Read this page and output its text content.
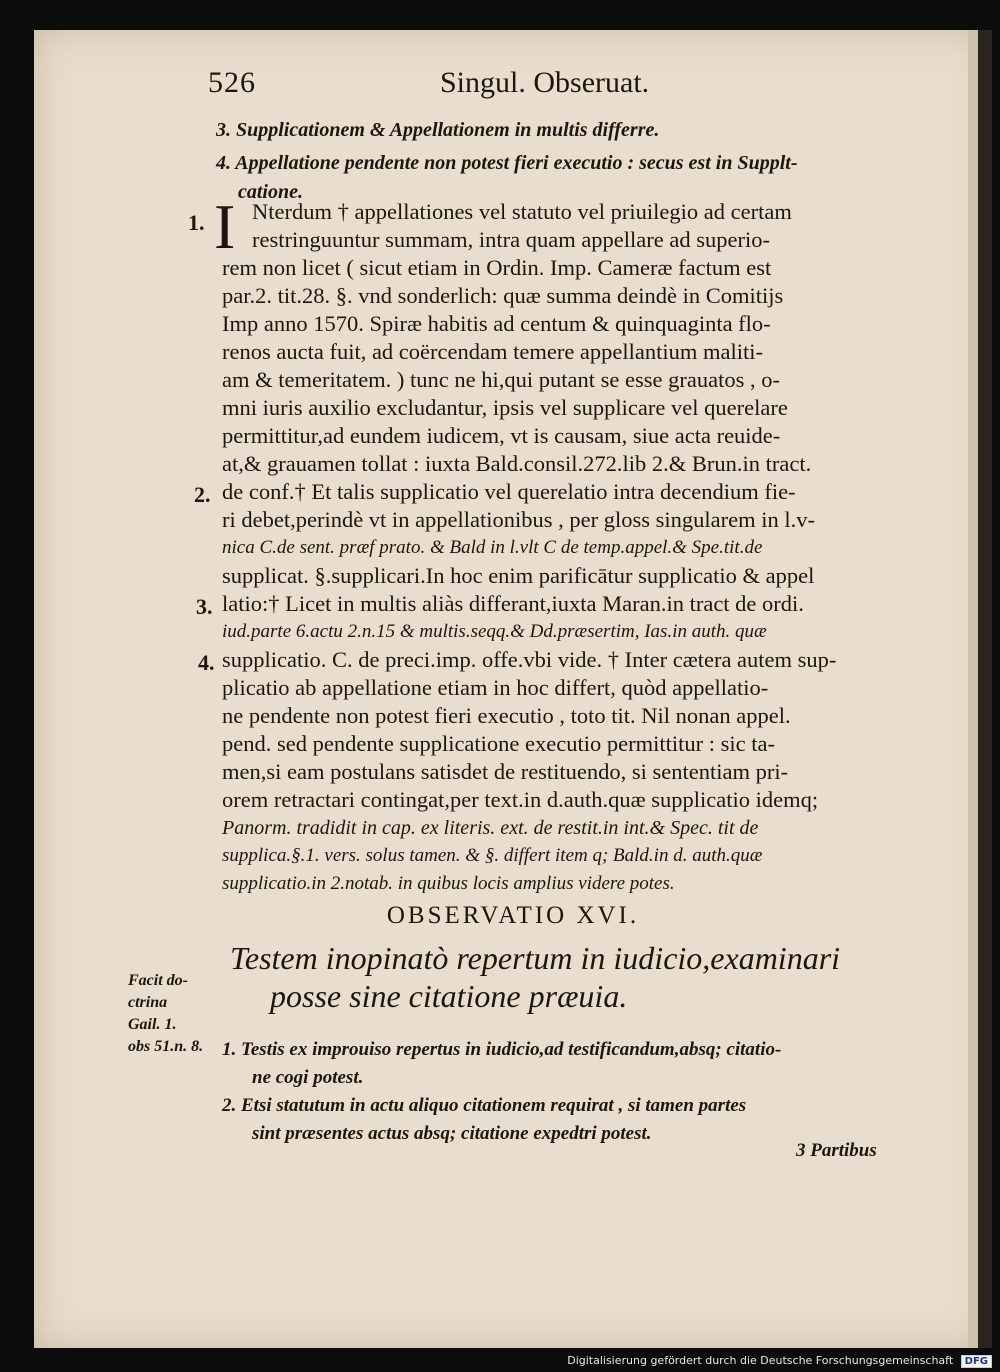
526	Singul. Obseruat.
3. Supplicationem & Appellationem in multis differre.
4. Appellatione pendente non potest fieri executio : secus est in Supplt-
catione.
I
1.
2.
3.
4.
Nterdum † appellationes vel statuto vel priuilegio ad certam
restringuuntur summam, intra quam appellare ad superio-
rem non licet ( sicut etiam in Ordin. Imp. Cameræ factum est
par.2. tit.28. §. vnd sonderlich: quæ summa deindè in Comitijs
Imp anno 1570. Spiræ habitis ad centum & quinquaginta flo-
renos aucta fuit, ad coërcendam temere appellantium maliti-
am & temeritatem. ) tunc ne hi,qui putant se esse grauatos , o-
mni iuris auxilio excludantur, ipsis vel supplicare vel querelare
permittitur,ad eundem iudicem, vt is causam, siue acta reuide-
at,& grauamen tollat : iuxta Bald.consil.272.lib 2.& Brun.in tract.
de conf.† Et talis supplicatio vel querelatio intra decendium fie-
ri debet,perindè vt in appellationibus , per gloss singularem in l.v-
nica C.de sent. præf prato. & Bald in l.vlt C de temp.appel.& Spe.tit.de
supplicat. §.supplicari.In hoc enim parificātur supplicatio & appel
latio:† Licet in multis aliàs differant,iuxta Maran.in tract de ordi.
iud.parte 6.actu 2.n.15 & multis.seqq.& Dd.præsertim, Ias.in auth. quæ
supplicatio. C. de preci.imp. offe.vbi vide. † Inter cætera autem sup-
plicatio ab appellatione etiam in hoc differt, quòd appellatio-
ne pendente non potest fieri executio , toto tit. Nil nonan appel.
pend. sed pendente supplicatione executio permittitur : sic ta-
men,si eam postulans satisdet de restituendo, si sententiam pri-
orem retractari contingat,per text.in d.auth.quæ supplicatio idemq;
Panorm. tradidit in cap. ex literis. ext. de restit.in int.& Spec. tit de
supplica.§.1. vers. solus tamen. & §. differt item q; Bald.in d. auth.quæ
supplicatio.in 2.notab. in quibus locis amplius videre potes.
OBSERVATIO XVI.
Testem inopinatò repertum in iudicio,examinari
posse sine citatione præuia.
Facit do-
ctrina
Gail. 1.
obs 51.n. 8. 1. Testis ex improuiso repertus in iudicio,ad testificandum,absq; citatio-
ne cogi potest.
2. Etsi statutum in actu aliquo citationem requirat , si tamen partes
sint præsentes actus absq; citatione expedtri potest.
3 Partibus
Digitalisierung gefördert durch die Deutsche Forschungsgemeinschaft DFG
